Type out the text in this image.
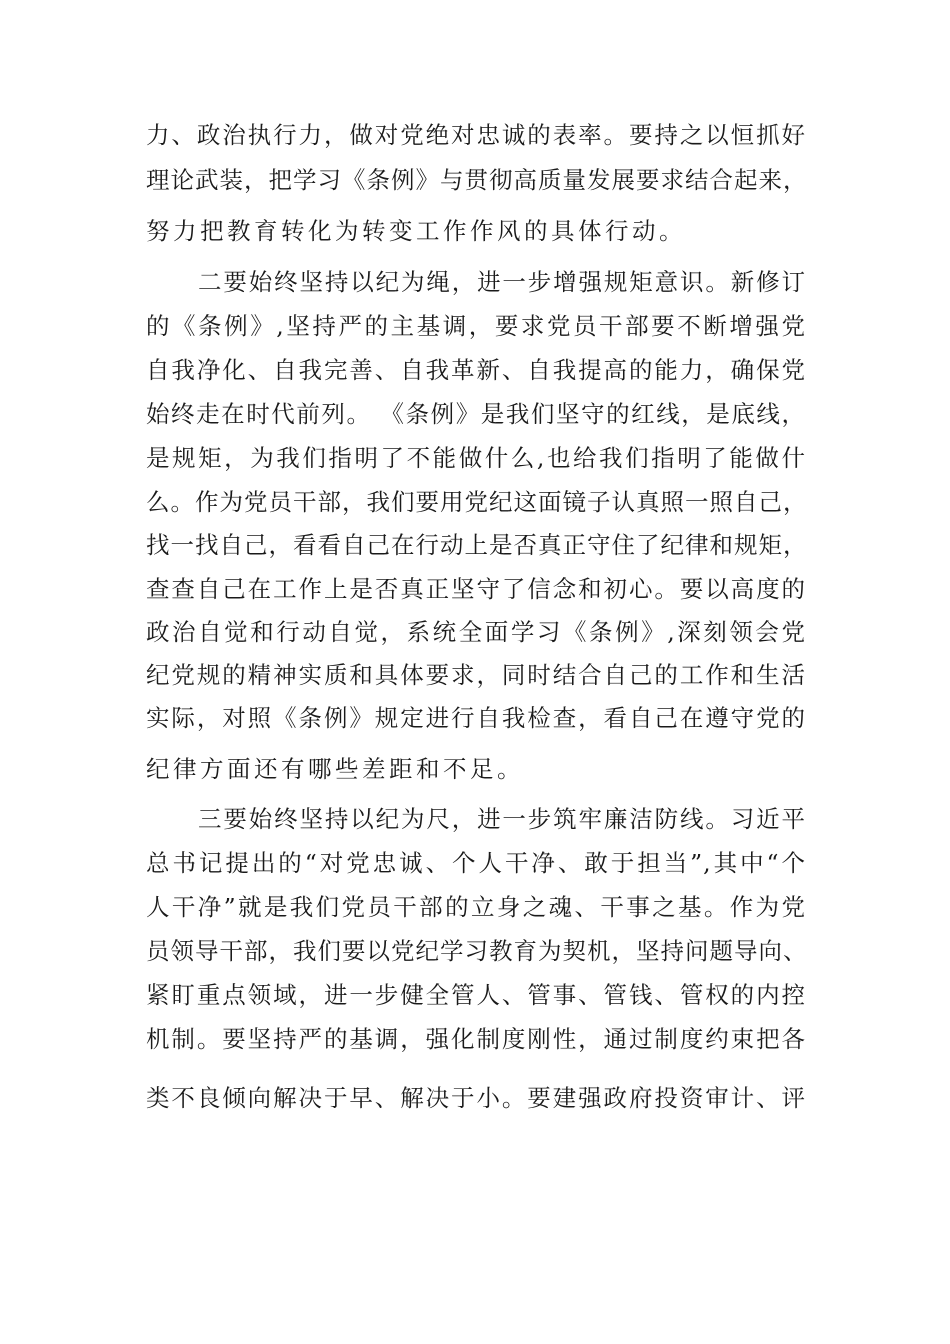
力、政治执行力，做对党绝对忠诚的表率。要持之以恒抓好
理论武装，把学习《条例》与贯彻高质量发展要求结合起来，
努力把教育转化为转变工作作风的具体行动。
二要始终坚持以纪为绳，进一步增强规矩意识。新修订
的《条例》,坚持严的主基调，要求党员干部要不断增强党
自我净化、自我完善、自我革新、自我提高的能力，确保党
始终走在时代前列。 《条例》是我们坚守的红线，是底线，
是规矩，为我们指明了不能做什么,也给我们指明了能做什
么。作为党员干部，我们要用党纪这面镜子认真照一照自己，
找一找自己，看看自己在行动上是否真正守住了纪律和规矩，
查查自己在工作上是否真正坚守了信念和初心。要以高度的
政治自觉和行动自觉，系统全面学习《条例》,深刻领会党
纪党规的精神实质和具体要求，同时结合自己的工作和生活
实际，对照《条例》规定进行自我检查，看自己在遵守党的
纪律方面还有哪些差距和不足。
三要始终坚持以纪为尺，进一步筑牢廉洁防线。习近平
总书记提出的“对党忠诚、个人干净、敢于担当”,其中“个
人干净”就是我们党员干部的立身之魂、干事之基。作为党
员领导干部，我们要以党纪学习教育为契机，坚持问题导向、
紧盯重点领域，进一步健全管人、管事、管钱、管权的内控
机制。要坚持严的基调，强化制度刚性，通过制度约束把各
类不良倾向解决于早、解决于小。要建强政府投资审计、评
